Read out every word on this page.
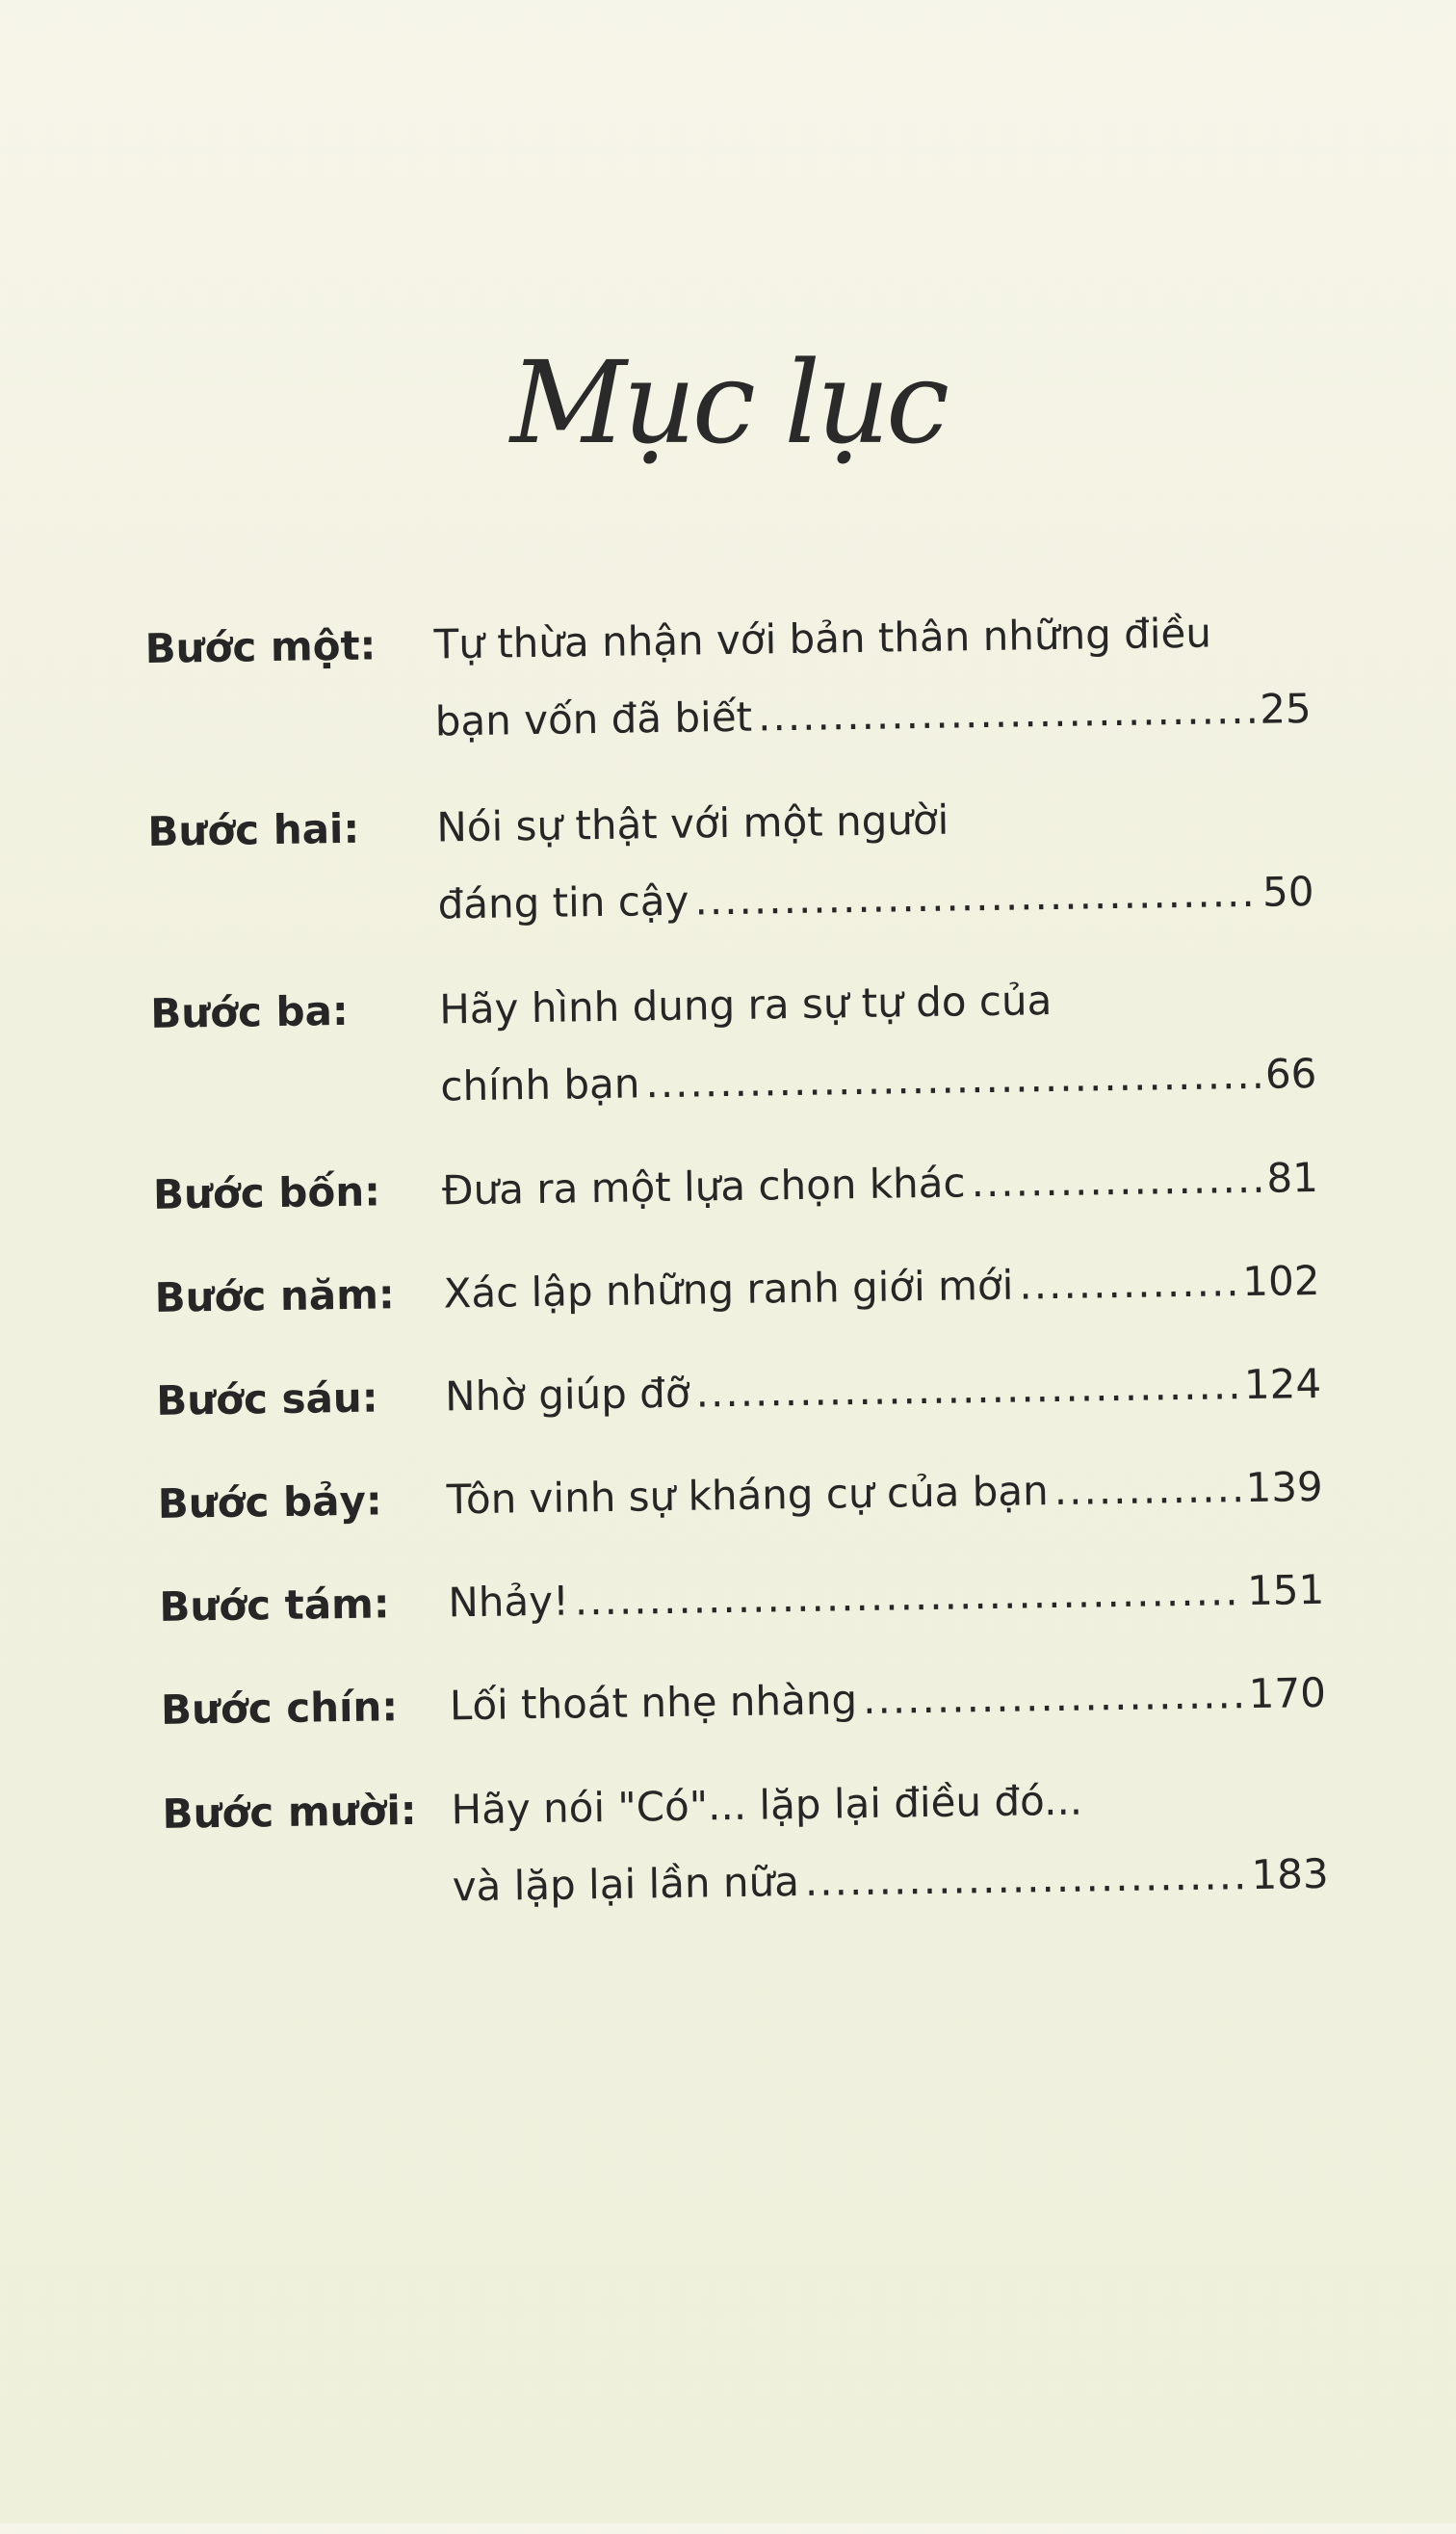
Mục lục
Bước một: Tự thừa nhận với bản thân những điều
bạn vốn đã biết .....	25
Bước hai: Nói sự thật với một người
đáng tin cậy .....	50
Bước ba: Hãy hình dung ra sự tự do của
chính bạn .....	66
Bước bốn: Đưa ra một lựa chọn khác .....	81
Bước năm: Xác lập những ranh giới mới .....	102
Bước sáu: Nhờ giúp đỡ .....	124
Bước bảy: Tôn vinh sự kháng cự của bạn .....	139
Bước tám: Nhảy! .....	151
Bước chín: Lối thoát nhẹ nhàng .....	170
Bước mười: Hãy nói "Có"... lặp lại điều đó...
và lặp lại lần nữa .....	183
